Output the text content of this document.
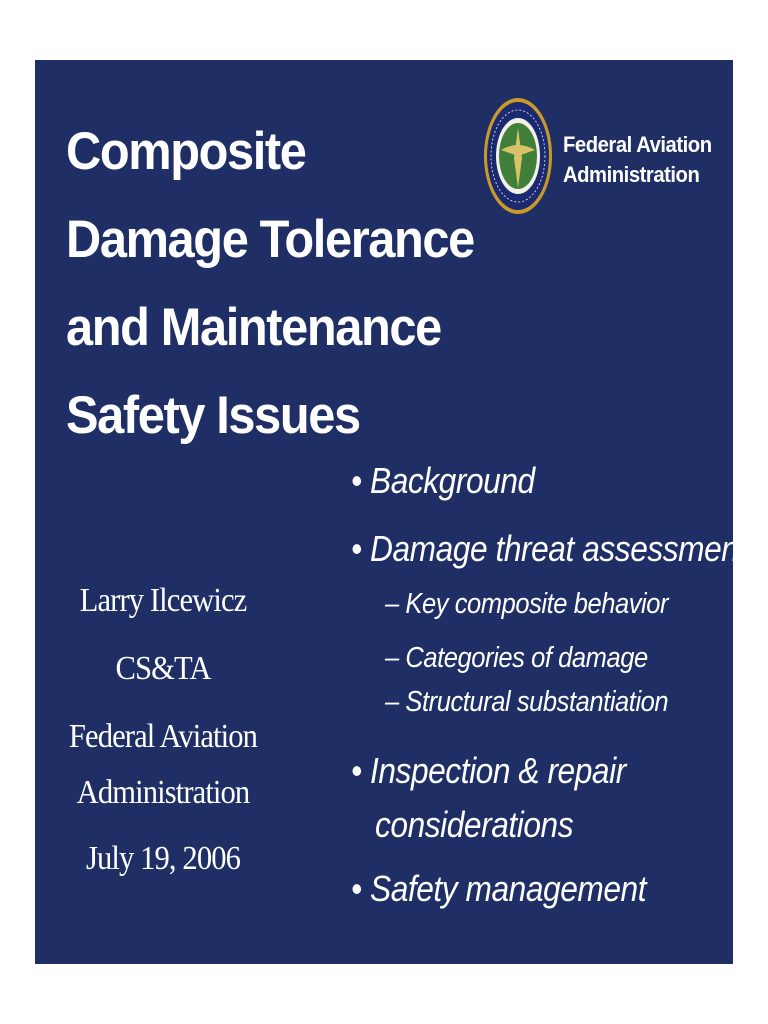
Composite
Damage Tolerance
and Maintenance
Safety Issues
Federal Aviation
Administration
Larry Ilcewicz
CS&TA
Federal Aviation
Administration
July 19, 2006
• Background
• Damage threat assessment
– Key composite behavior
– Categories of damage
– Structural substantiation
• Inspection & repair
considerations
• Safety management
